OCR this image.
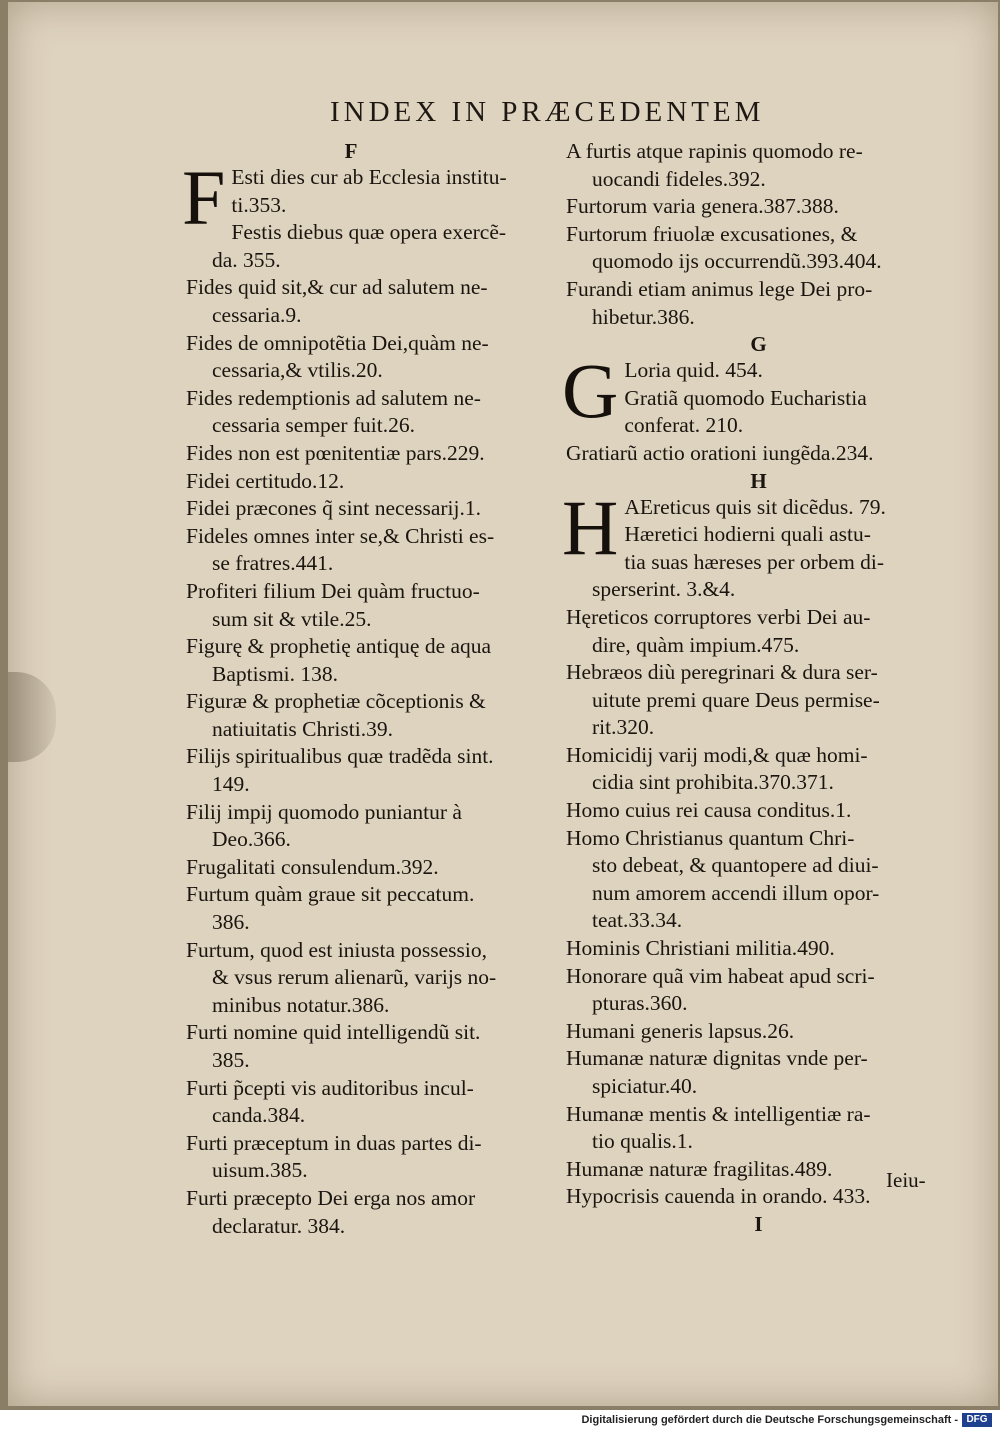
INDEX IN PRÆCEDENTEM
F
F Esti dies cur ab Ecclesia institu-
ti.353.
Festis diebus quæ opera exercẽ-
da. 355.
Fides quid sit,& cur ad salutem ne-
cessaria.9.
Fides de omnipotẽtia Dei,quàm ne-
cessaria,& vtilis.20.
Fides redemptionis ad salutem ne-
cessaria semper fuit.26.
Fides non est pœnitentiæ pars.229.
Fidei certitudo.12.
Fidei præcones q̃ sint necessarij.1.
Fideles omnes inter se,& Christi es-
se fratres.441.
Profiteri filium Dei quàm fructuo-
sum sit & vtile.25.
Figurę & prophetię antiquę de aqua
Baptismi. 138.
Figuræ & prophetiæ cõceptionis &
natiuitatis Christi.39.
Filijs spiritualibus quæ tradẽda sint.
149.
Filij impij quomodo puniantur à
Deo.366.
Frugalitati consulendum.392.
Furtum quàm graue sit peccatum.
386.
Furtum, quod est iniusta possessio,
& vsus rerum alienarũ, varijs no-
minibus notatur.386.
Furti nomine quid intelligendũ sit.
385.
Furti p̃cepti vis auditoribus incul-
canda.384.
Furti præceptum in duas partes di-
uisum.385.
Furti præcepto Dei erga nos amor
declaratur. 384.
A furtis atque rapinis quomodo re-
uocandi fideles.392.
Furtorum varia genera.387.388.
Furtorum friuolæ excusationes, &
quomodo ijs occurrendũ.393.404.
Furandi etiam animus lege Dei pro-
hibetur.386.
G
G Loria quid. 454.
Gratiã quomodo Eucharistia
conferat. 210.
Gratiarũ actio orationi iungẽda.234.
H
H AEreticus quis sit dicẽdus. 79.
Hæretici hodierni quali astu-
tia suas hæreses per orbem di-
sperserint. 3.&4.
Hęreticos corruptores verbi Dei au-
dire, quàm impium.475.
Hebræos diù peregrinari & dura ser-
uitute premi quare Deus permise-
rit.320.
Homicidij varij modi,& quæ homi-
cidia sint prohibita.370.371.
Homo cuius rei causa conditus.1.
Homo Christianus quantum Chri-
sto debeat, & quantopere ad diui-
num amorem accendi illum opor-
teat.33.34.
Hominis Christiani militia.490.
Honorare quã vim habeat apud scri-
pturas.360.
Humani generis lapsus.26.
Humanæ naturæ dignitas vnde per-
spiciatur.40.
Humanæ mentis & intelligentiæ ra-
tio qualis.1.
Humanæ naturæ fragilitas.489.
Hypocrisis cauenda in orando. 433.
I
Ieiu-
Digitalisierung gefördert durch die Deutsche Forschungsgemeinschaft - DFG
